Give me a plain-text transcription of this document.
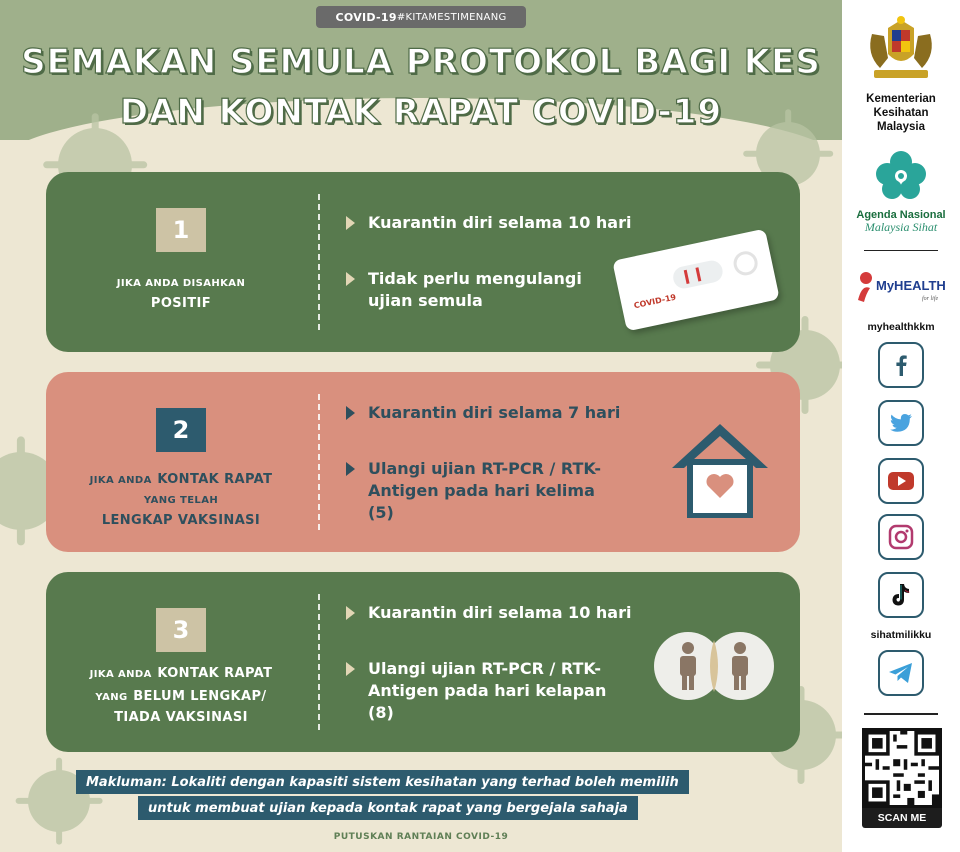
COVID-19 #KITAMESTIMENANG
SEMAKAN SEMULA PROTOKOL BAGI KES
DAN KONTAK RAPAT COVID-19
1
JIKA ANDA DISAHKAN
POSITIF
Kuarantin diri selama 10 hari
Tidak perlu mengulangi ujian semula	COVID-19
2
JIKA ANDA KONTAK RAPAT
YANG TELAH
LENGKAP VAKSINASI
Kuarantin diri selama 7 hari
Ulangi ujian RT-PCR / RTK-Antigen pada hari kelima (5)
3
JIKA ANDA KONTAK RAPAT
YANG BELUM LENGKAP/
TIADA VAKSINASI
Kuarantin diri selama 10 hari
Ulangi ujian RT-PCR / RTK-Antigen pada hari kelapan (8)
Makluman: Lokaliti dengan kapasiti sistem kesihatan yang terhad boleh memilih
untuk membuat ujian kepada kontak rapat yang bergejala sahaja
PUTUSKAN RANTAIAN COVID-19
Kementerian
Kesihatan
Malaysia
Agenda Nasional
Malaysia Sihat
MyHEALTH
for life
myhealthkkm
sihatmilikku
SCAN ME
